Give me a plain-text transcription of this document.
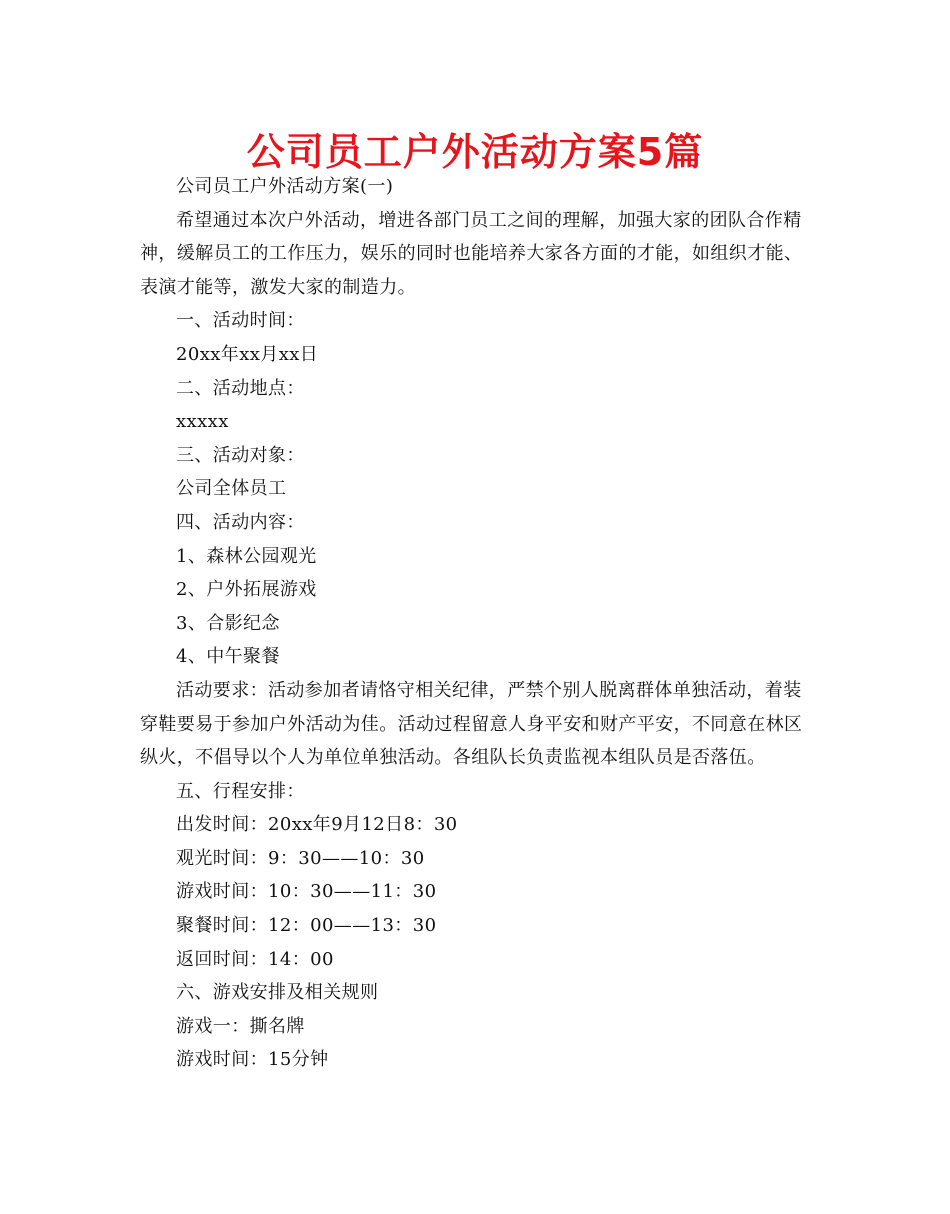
公司员工户外活动方案5篇

公司员工户外活动方案(一)

希望通过本次户外活动，增进各部门员工之间的理解，加强大家的团队合作精神，缓解员工的工作压力，娱乐的同时也能培养大家各方面的才能，如组织才能、表演才能等，激发大家的制造力。

一、活动时间：

20xx年xx月xx日

二、活动地点：

xxxxx

三、活动对象：

公司全体员工

四、活动内容：

1、森林公园观光

2、户外拓展游戏

3、合影纪念

4、中午聚餐

活动要求：活动参加者请恪守相关纪律，严禁个别人脱离群体单独活动，着装穿鞋要易于参加户外活动为佳。活动过程留意人身平安和财产平安，不同意在林区纵火，不倡导以个人为单位单独活动。各组队长负责监视本组队员是否落伍。

五、行程安排：

出发时间：20xx年9月12日8：30

观光时间：9：30——10：30

游戏时间：10：30——11：30

聚餐时间：12：00——13：30

返回时间：14：00

六、游戏安排及相关规则

游戏一：撕名牌

游戏时间：15分钟
